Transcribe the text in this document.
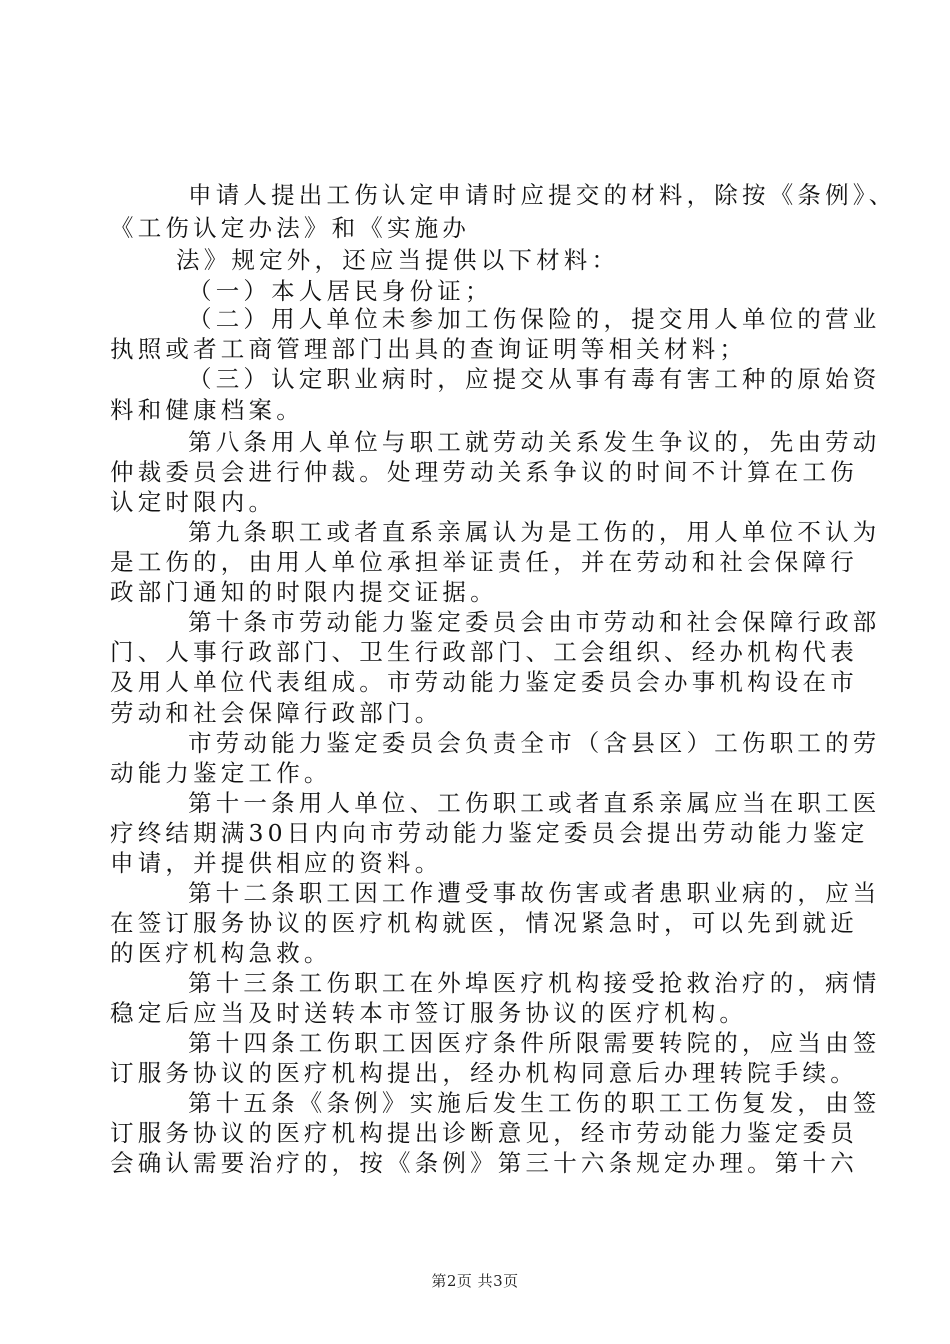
申请人提出工伤认定申请时应提交的材料，除按《条例》、
《工伤认定办法》和《实施办
法》规定外，还应当提供以下材料：
（一）本人居民身份证；
（二）用人单位未参加工伤保险的，提交用人单位的营业
执照或者工商管理部门出具的查询证明等相关材料；
（三）认定职业病时，应提交从事有毒有害工种的原始资
料和健康档案。
第八条用人单位与职工就劳动关系发生争议的，先由劳动
仲裁委员会进行仲裁。处理劳动关系争议的时间不计算在工伤
认定时限内。
第九条职工或者直系亲属认为是工伤的，用人单位不认为
是工伤的，由用人单位承担举证责任，并在劳动和社会保障行
政部门通知的时限内提交证据。
第十条市劳动能力鉴定委员会由市劳动和社会保障行政部
门、人事行政部门、卫生行政部门、工会组织、经办机构代表
及用人单位代表组成。市劳动能力鉴定委员会办事机构设在市
劳动和社会保障行政部门。
市劳动能力鉴定委员会负责全市（含县区）工伤职工的劳
动能力鉴定工作。
第十一条用人单位、工伤职工或者直系亲属应当在职工医
疗终结期满30日内向市劳动能力鉴定委员会提出劳动能力鉴定
申请，并提供相应的资料。
第十二条职工因工作遭受事故伤害或者患职业病的，应当
在签订服务协议的医疗机构就医，情况紧急时，可以先到就近
的医疗机构急救。
第十三条工伤职工在外埠医疗机构接受抢救治疗的，病情
稳定后应当及时送转本市签订服务协议的医疗机构。
第十四条工伤职工因医疗条件所限需要转院的，应当由签
订服务协议的医疗机构提出，经办机构同意后办理转院手续。
第十五条《条例》实施后发生工伤的职工工伤复发，由签
订服务协议的医疗机构提出诊断意见，经市劳动能力鉴定委员
会确认需要治疗的，按《条例》第三十六条规定办理。第十六
第2页 共3页
